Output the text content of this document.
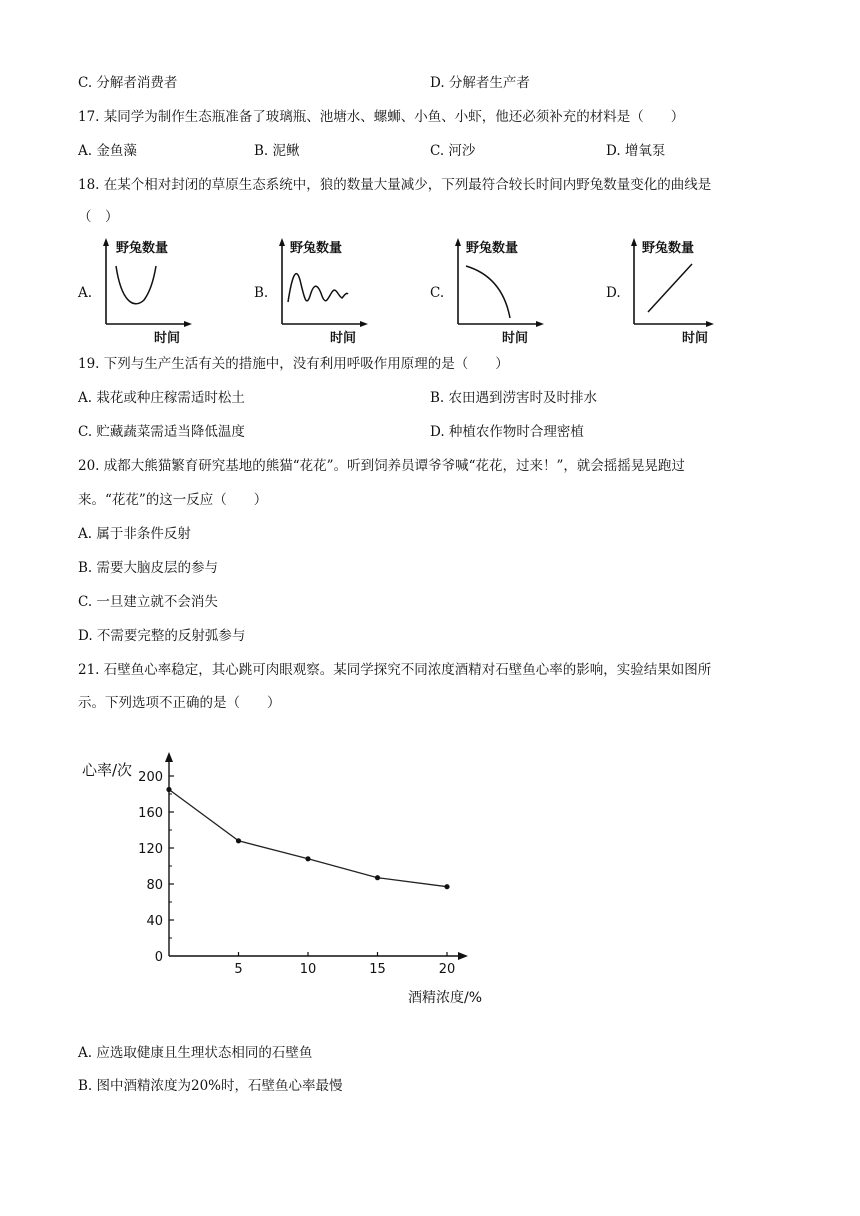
C. 分解者消费者	D. 分解者生产者
17. 某同学为制作生态瓶准备了玻璃瓶、池塘水、螺蛳、小鱼、小虾，他还必须补充的材料是（　　）
A. 金鱼藻	B. 泥鳅	C. 河沙	D. 增氧泵
18. 在某个相对封闭的草原生态系统中，狼的数量大量减少，下列最符合较长时间内野兔数量变化的曲线是
（　）
A.
野兔数量
时间
B.
野兔数量
时间
C.
野兔数量
时间
D.
野兔数量
时间
19. 下列与生产生活有关的措施中，没有利用呼吸作用原理的是（　　）
A. 栽花或种庄稼需适时松土	B. 农田遇到涝害时及时排水
C. 贮藏蔬菜需适当降低温度	D. 种植农作物时合理密植
20. 成都大熊猫繁育研究基地的熊猫“花花”。听到饲养员谭爷爷喊“花花，过来！”，就会摇摇晃晃跑过
来。“花花”的这一反应（　　）
A. 属于非条件反射
B. 需要大脑皮层的参与
C. 一旦建立就不会消失
D. 不需要完整的反射弧参与
21. 石壁鱼心率稳定，其心跳可肉眼观察。某同学探究不同浓度酒精对石壁鱼心率的影响，实验结果如图所
示。下列选项不正确的是（　　）
心率/次
酒精浓度/%
0
40
80
120
160
200
5	10	15	20
A. 应选取健康且生理状态相同的石壁鱼
B. 图中酒精浓度为20%时，石壁鱼心率最慢
